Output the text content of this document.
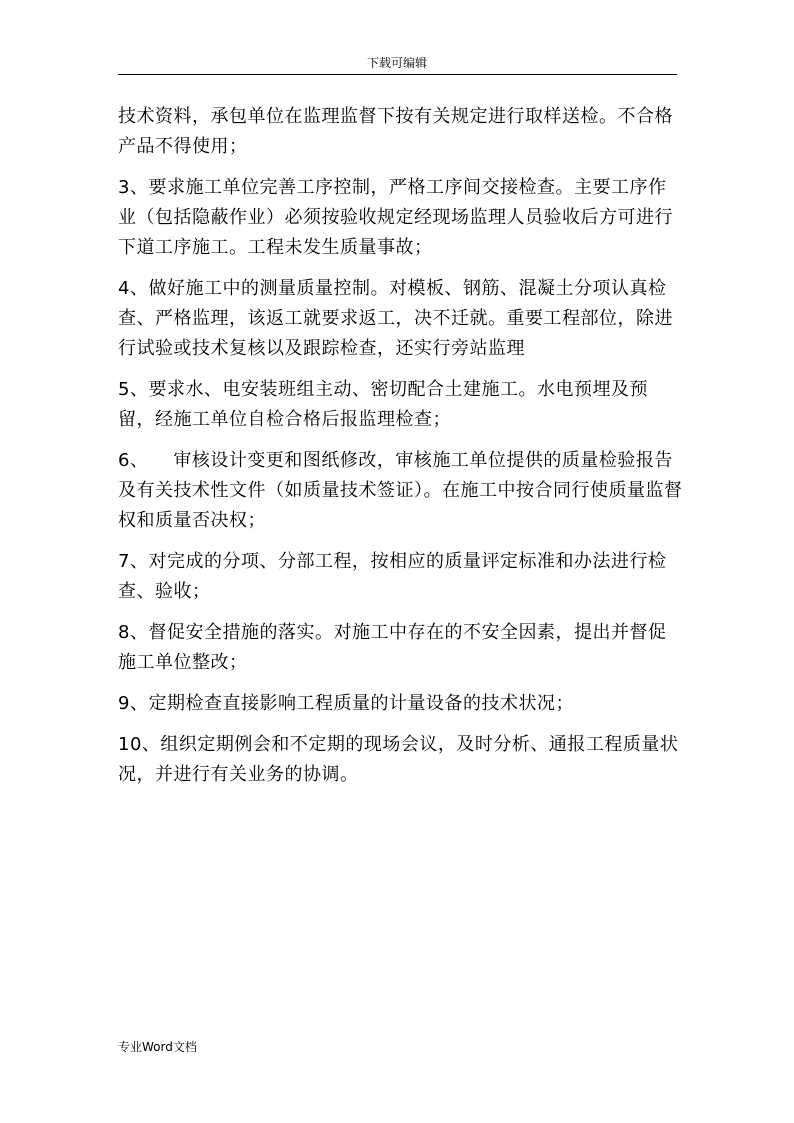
下载可编辑

技术资料，承包单位在监理监督下按有关规定进行取样送检。不合格产品不得使用；

3、要求施工单位完善工序控制，严格工序间交接检查。主要工序作业（包括隐蔽作业）必须按验收规定经现场监理人员验收后方可进行下道工序施工。工程未发生质量事故；

4、做好施工中的测量质量控制。对模板、钢筋、混凝土分项认真检查、严格监理，该返工就要求返工，决不迁就。重要工程部位，除进行试验或技术复核以及跟踪检查，还实行旁站监理

5、要求水、电安装班组主动、密切配合土建施工。水电预埋及预留，经施工单位自检合格后报监理检查；

6、    审核设计变更和图纸修改，审核施工单位提供的质量检验报告及有关技术性文件（如质量技术签证）。在施工中按合同行使质量监督权和质量否决权；

7、对完成的分项、分部工程，按相应的质量评定标准和办法进行检查、验收；

8、督促安全措施的落实。对施工中存在的不安全因素，提出并督促施工单位整改；

9、定期检查直接影响工程质量的计量设备的技术状况；

10、组织定期例会和不定期的现场会议，及时分析、通报工程质量状况，并进行有关业务的协调。

专业Word文档
